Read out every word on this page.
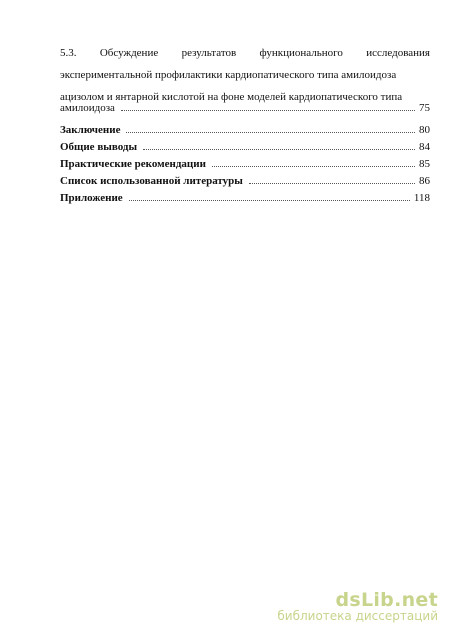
5.3. Обсуждение результатов функционального исследования
экспериментальной профилактики кардиопатического типа амилоидоза
ацизолом и янтарной кислотой на фоне моделей кардиопатического типа
амилоидоза	75
Заключение	80
Общие выводы	84
Практические рекомендации	85
Список использованной литературы	86
Приложение	118
dsLib.net
библиотека диссертаций
